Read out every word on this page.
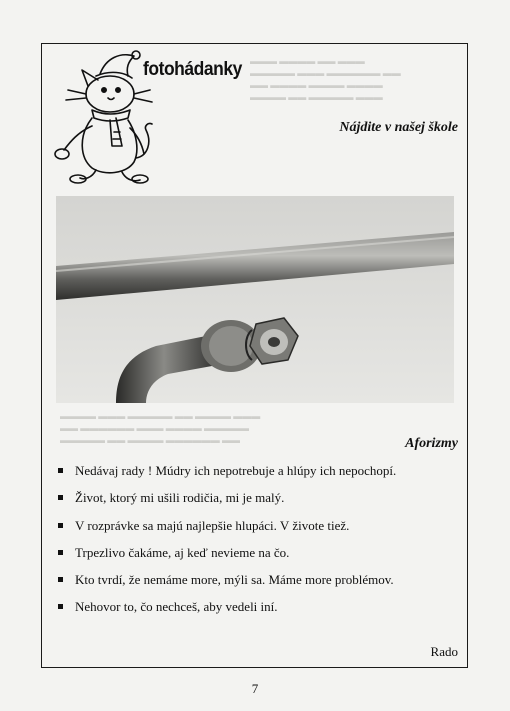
▬▬▬ ▬▬▬▬ ▬▬ ▬▬▬
▬▬▬▬▬ ▬▬▬ ▬▬▬▬▬▬ ▬▬
▬▬ ▬▬▬▬ ▬▬▬▬ ▬▬▬▬
▬▬▬▬ ▬▬ ▬▬▬▬▬ ▬▬▬
▬▬▬▬ ▬▬▬ ▬▬▬▬▬ ▬▬ ▬▬▬▬ ▬▬▬
▬▬ ▬▬▬▬▬▬ ▬▬▬ ▬▬▬▬ ▬▬▬▬▬
▬▬▬▬▬ ▬▬ ▬▬▬▬ ▬▬▬▬▬▬ ▬▬
fotohádanky
Nájdite v našej škole
Aforizmy
Nedávaj rady ! Múdry ich nepotrebuje a hlúpy ich nepochopí.
Život, ktorý mi ušili rodičia, mi je malý.
V rozprávke sa majú najlepšie hlupáci. V živote tiež.
Trpezlivo čakáme, aj keď nevieme na čo.
Kto tvrdí, že nemáme more, mýli sa. Máme more problémov.
Nehovor to, čo nechceš, aby vedeli iní.
Rado
7
